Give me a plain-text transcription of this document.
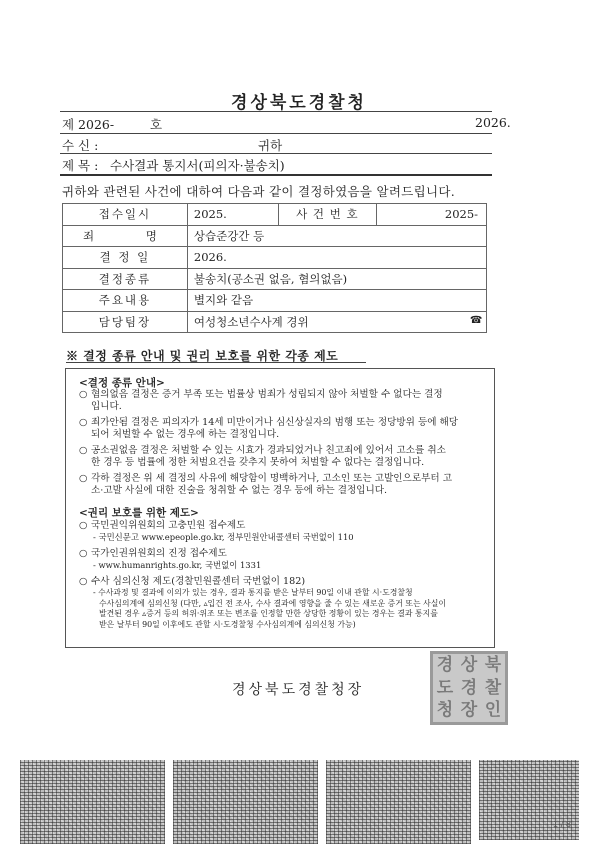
경상북도경찰청
제 2026-	호	2026.
수 신 :	귀하
제 목 : 수사결과 통지서(피의자·불송치)
귀하와 관련된 사건에 대하여 다음과 같이 결정하였음을 알려드립니다.
접수일시	2025.	사 건 번 호	2025-
죄 명	상습준강간 등		
결 정 일	2026.		
결정종류	불송치(공소권 없음, 혐의없음)		
주요내용	별지와 같음		
담당팀장	여성청소년수사계 경위 ☎		
※ 결정 종류 안내 및 권리 보호를 위한 각종 제도
<결정 종류 안내>
○ 혐의없음 결정은 증거 부족 또는 법률상 범죄가 성립되지 않아 처벌할 수 없다는 결정
입니다.
○ 죄가안됨 결정은 피의자가 14세 미만이거나 심신상실자의 범행 또는 정당방위 등에 해당
되어 처벌할 수 없는 경우에 하는 결정입니다.
○ 공소권없음 결정은 처벌할 수 있는 시효가 경과되었거나 친고죄에 있어서 고소를 취소
한 경우 등 법률에 정한 처벌요건을 갖추지 못하여 처벌할 수 없다는 결정입니다.
○ 각하 결정은 위 세 결정의 사유에 해당함이 명백하거나, 고소인 또는 고발인으로부터 고
소·고발 사실에 대한 진술을 청취할 수 없는 경우 등에 하는 결정입니다.
<권리 보호를 위한 제도>
○ 국민권익위원회의 고충민원 접수제도
- 국민신문고 www.epeople.go.kr, 정부민원안내콜센터 국번없이 110
○ 국가인권위원회의 진정 접수제도
- www.humanrights.go.kr, 국번없이 1331
○ 수사 심의신청 제도(경찰민원콜센터 국번없이 182)
- 수사과정 및 결과에 이의가 있는 경우, 결과 통지를 받은 날부터 90일 이내 관할 시·도경찰청
수사심의계에 심의신청 (다만, ▵입건 전 조사, 수사 결과에 영향을 줄 수 있는 새로운 증거 또는 사실이
발견된 경우 ▵증거 등의 허위·위조 또는 변조를 인정할 만한 상당한 정황이 있는 경우는 결과 통지를
받은 날부터 90일 이후에도 관할 시·도경찰청 수사심의계에 심의신청 가능)
경상북도경찰청장
경 상 북
도 경 찰
청 장 인
1 / 8
